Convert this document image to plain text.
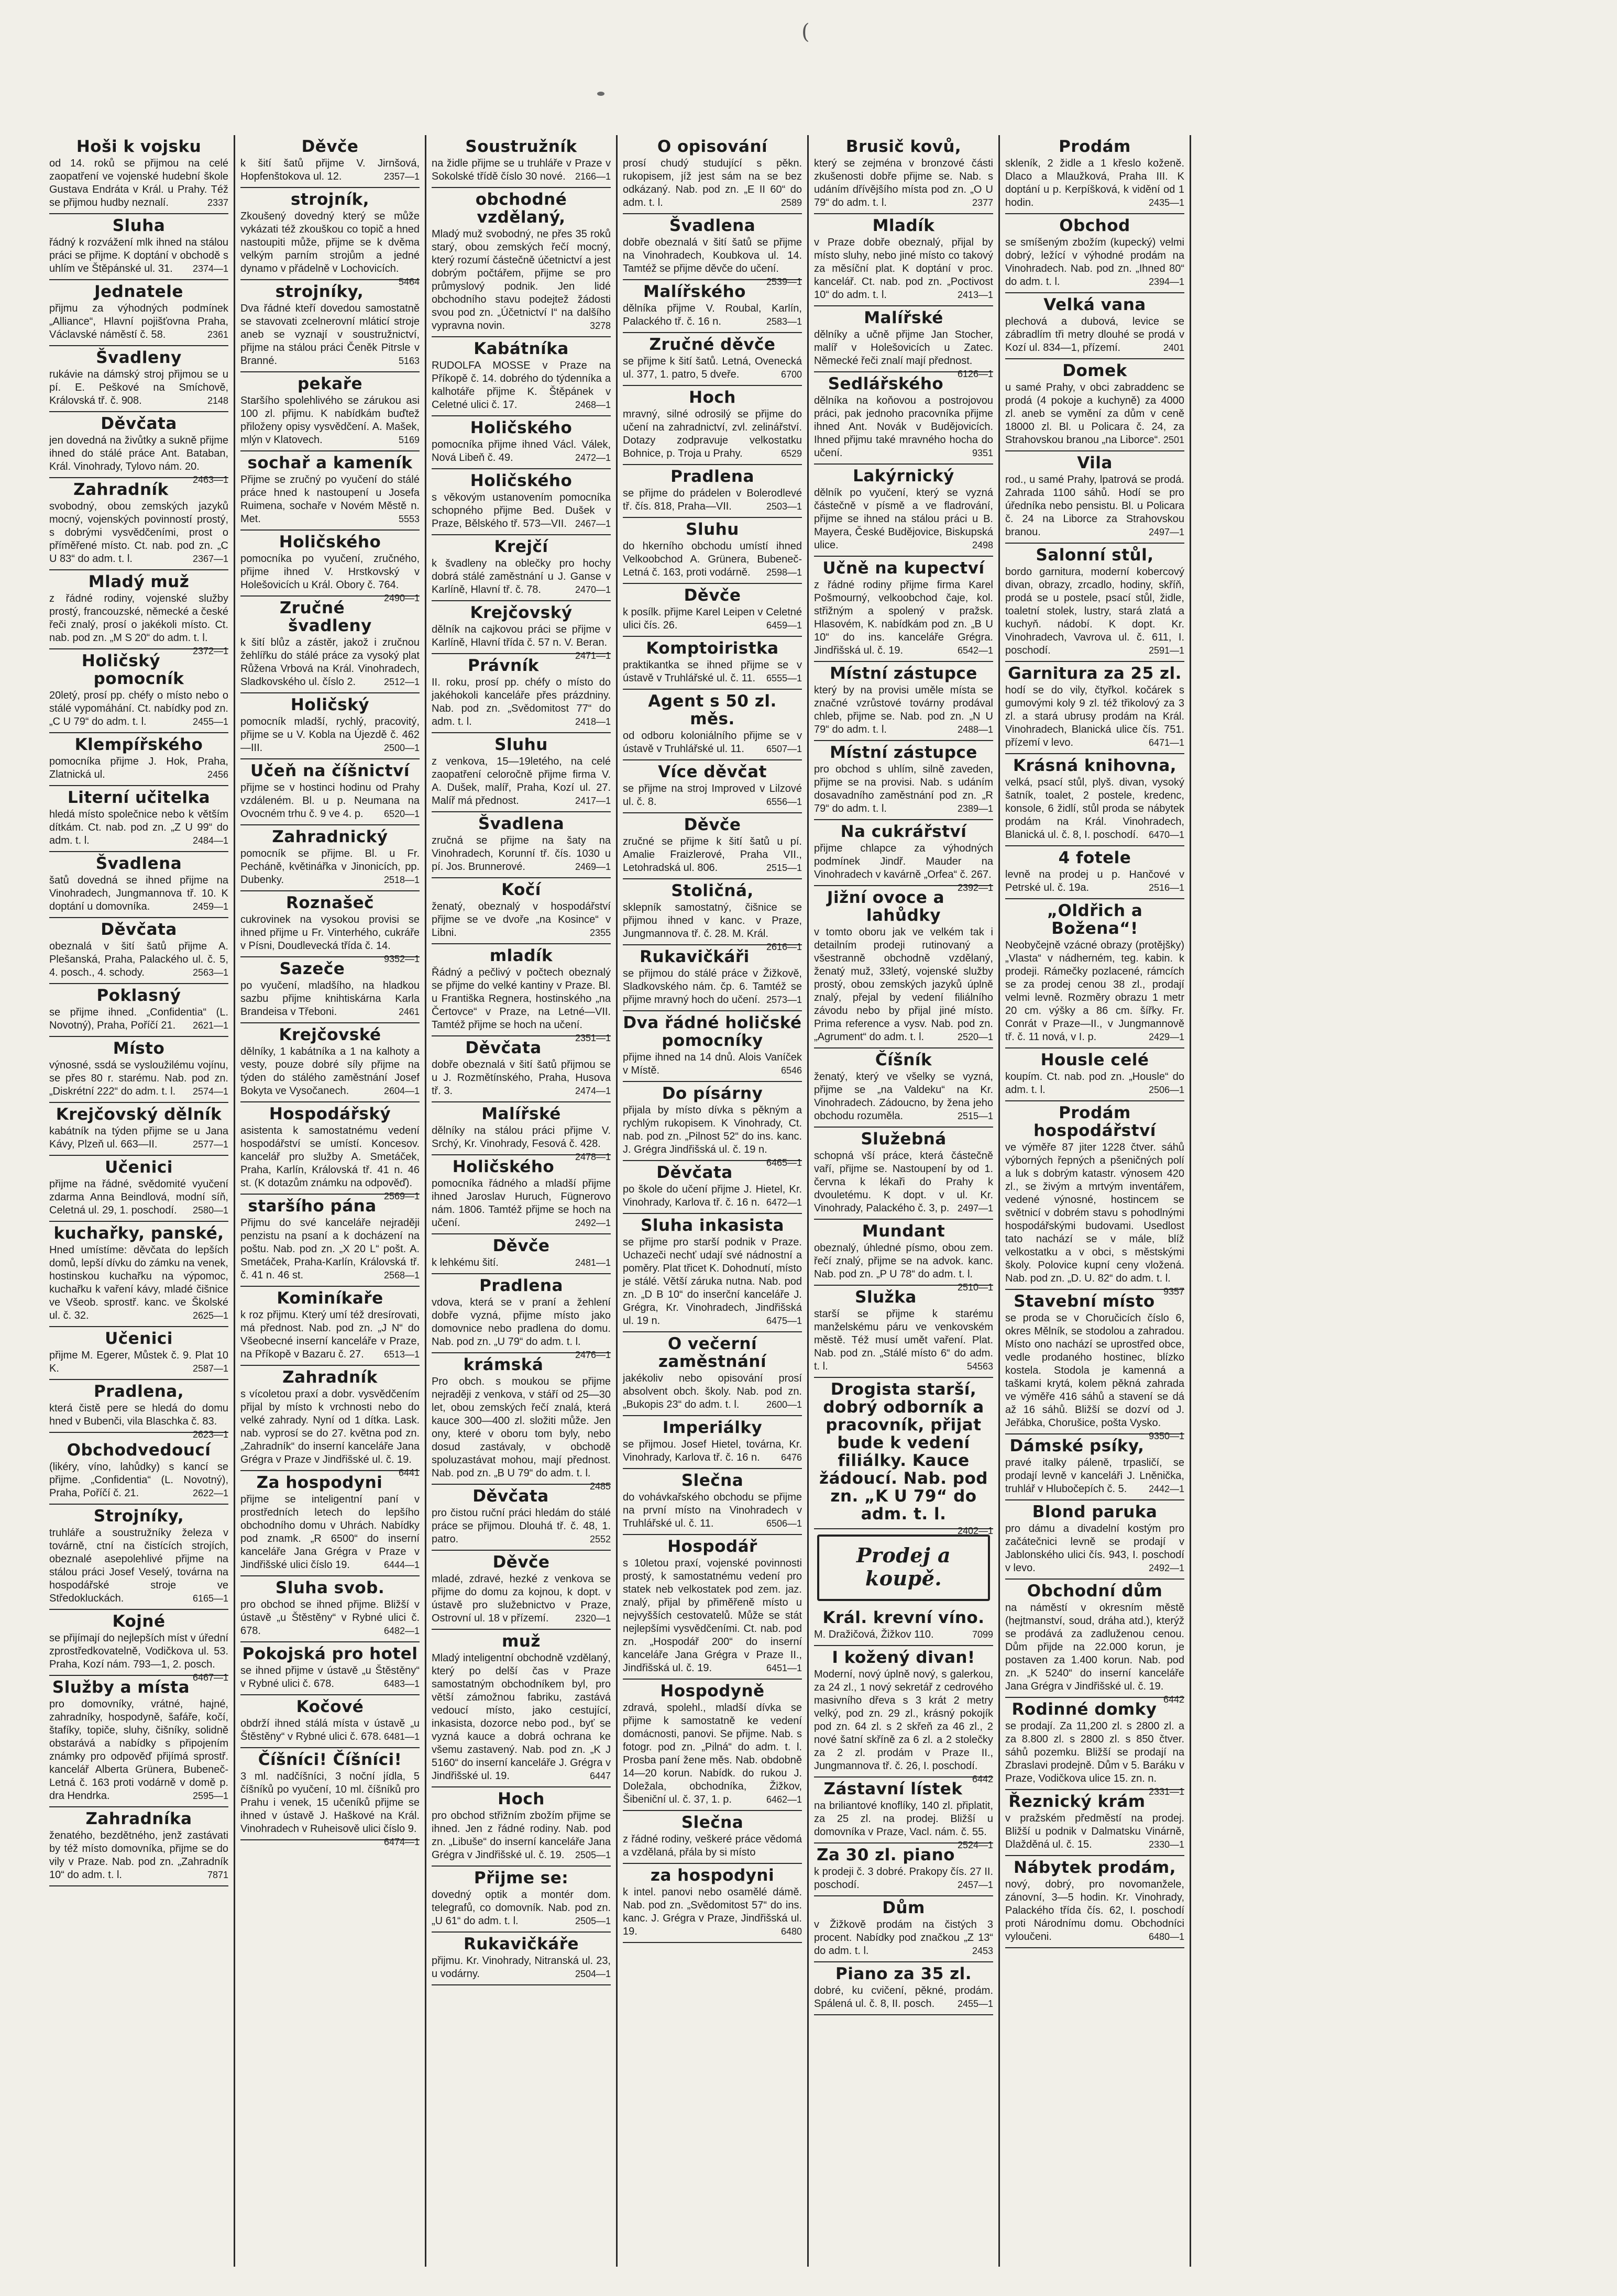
(
Hoši k vojsku

od 14. roků se přijmou na celé zaopatření ve vojenské hudební škole Gustava Endráta v Král. u Prahy. Též se přijmou hudby neznalí.	2337

Sluha

řádný k rozvážení mlk ihned na stálou práci se přijme. K doptání v obchodě s uhlím ve Štěpánské ul. 31. 2374—1

Jednatele

přijmu za výhodných podmínek „Alliance“, Hlavní pojišťovna Praha, Václavské náměstí č. 58.	2361

Švadleny

rukávie na dámský stroj přijmou se u pí. E. Peškové na Smíchově, Královská tř. č. 908.	2148

Děvčata

jen dovedná na živůtky a sukně přijme ihned do stálé práce Ant. Bataban, Král. Vinohrady, Tylovo nám. 20.
2463—1

Zahradník

svobodný, obou zemských jazyků mocný, vojenských povinností prostý, s dobrými vysvědčeními, prost o příměřené místo. Ct. nab. pod zn. „C U 83“ do adm. t. l.	2367—1

Mladý muž

z řádné rodiny, vojenské služby prostý, francouzské, německé a české řeči znalý, prosí o jakékoli místo. Ct. nab. pod zn. „M S 20“ do adm. t. l.
2372—1

Holičský pomocník

20letý, prosí pp. chéfy o místo nebo o stálé vypomáhání. Ct. nabídky pod zn. „C U 79“ do adm. t. l.	2455—1

Klempířského

pomocníka přijme J. Hok, Praha, Zlatnická ul.	2456

Literní učitelka

hledá místo společnice nebo k větším dítkám. Ct. nab. pod zn. „Z U 99“ do adm. t. l.	2484—1

Švadlena

šatů dovedná se ihned přijme na Vinohradech, Jungmannova tř. 10. K doptání u domovníka.	2459—1

Děvčata

obeznalá v šití šatů přijme A. Plešanská, Praha, Palackého ul. č. 5, 4. posch., 4. schody.	2563—1

Poklasný

se přijme ihned. „Confidentia“ (L. Novotný), Praha, Poříčí 21. 2621—1

Místo

výnosné, ssdá se vysloužilému vojínu, se přes 80 r. starému. Nab. pod zn. „Diskrétní 222“ do adm. t. l. 2574—1

Krejčovský dělník

kabátník na týden přijme se u Jana Kávy, Plzeň ul. 663—II.	2577—1

Učenici

přijme na řádné, svědomité vyučení zdarma Anna Beindlová, modní síň, Celetná ul. 29, 1. poschodí. 2580—1

kuchařky, panské,

Hned umístíme: děvčata do lepších domů, lepší dívku do zámku na venek, hostinskou kuchařku na výpomoc, kuchařku k vaření kávy, mladé čišnice ve Všeob. sprostř. kanc. ve Školské ul. č. 32.	2625—1

Učenici

přijme M. Egerer, Můstek č. 9. Plat 10 K.	2587—1

Pradlena,

která čistě pere se hledá do domu hned v Bubenči, vila Blaschka č. 83.
2623—1

Obchodvedoucí

(likéry, víno, lahůdky) s kancí se přijme. „Confidentia“ (L. Novotný), Praha, Poříčí č. 21.	2622—1

Strojníky,

truhláře a soustružníky železa v továrně, ctní na čistících strojích, obeznalé asepolehlivé přijme na stálou práci Josef Veselý, továrna na hospodářské stroje ve Středokluckách.	6165—1

Kojné

se přijímají do nejlepších míst v úřední zprostředkovatelně, Vodičkova ul. 53. Praha, Kozí nám. 793—1, 2. posch.
6467—1

Služby a místa

pro domovníky, vrátné, hajné, zahradníky, hospodyně, šafáře, kočí, štafíky, topiče, sluhy, čišníky, solidně obstarává a nabídky s připojením známky pro odpověď přijímá sprostř. kancelář Alberta Grünera, Bubeneč-Letná č. 163 proti vodárně v domě p. dra Hendrka.	2595—1

Zahradníka

ženatého, bezdětného, jenž zastávati by též místo domovníka, přijme se do vily v Praze. Nab. pod zn. „Zahradník 10“ do adm. t. l.	7871

Děvče

k šití šatů přijme V. Jirnšová, Hopfenštokova ul. 12.	2357—1

strojník,

Zkoušený dovedný který se může vykázati též zkouškou co topič a hned nastoupiti může, přijme se k dvěma velkým parním strojům a jedné dynamo v přádelně v Lochovicích.
5464

strojníky,

Dva řádné kteří dovedou samostatně se stavovati zcelnerovní mláticí stroje aneb se vyznají v soustružnictví, přijme na stálou práci Čeněk Pitrsle v Branné.	5163

pekaře

Staršího spolehlivého se zárukou asi 100 zl. přijmu. K nabídkám buďtež přiloženy opisy vysvědčení. A. Mašek, mlýn v Klatovech.	5169

sochař a kameník

Přijme se zručný po vyučení do stálé práce hned k nastoupení u Josefa Ruimena, sochaře v Novém Městě n. Met.	5553

Holičského

pomocníka po vyučení, zručného, přijme ihned V. Hrstkovský v Holešovicích u Král. Obory č. 764.
2490—1

Zručné švadleny

k šití blůz a zástěr, jakož i zručnou žehlířku do stálé práce za vysoký plat Růžena Vrbová na Král. Vinohradech, Sladkovského ul. číslo 2.	2512—1

Holičský

pomocník mladší, rychlý, pracovitý, přijme se u V. Kobla na Újezdě č. 462—III.	2500—1

Učeň na číšnictví

přijme se v hostinci hodinu od Prahy vzdáleném. Bl. u p. Neumana na Ovocném trhu č. 9 ve 4. p. 6520—1

Zahradnický

pomocník se přijme. Bl. u Fr. Pecháně, květinářka v Jinonicích, pp. Dubenky.	2518—1

Roznašeč

cukrovinek na vysokou provisi se ihned přijme u Fr. Vinterhého, cukráře v Písni, Doudlevecká třída č. 14.
9352—1

Sazeče

po vyučení, mladšího, na hladkou sazbu přijme knihtiskárna Karla Brandeisa v Třeboni.	2461

Krejčovské

dělníky, 1 kabátníka a 1 na kalhoty a vesty, pouze dobré síly přijme na týden do stálého zaměstnání Josef Bokyta ve Vysočanech.	2604—1

Hospodářský

asistenta k samostatnému vedení hospodářství se umístí. Koncesov. kancelář pro služby A. Smetáček, Praha, Karlín, Královská tř. 41 n. 46 st. (K dotazům známku na odpověď).
2569—1

staršího pána

Přijmu do své kanceláře nejraději penzistu na psaní a k docházení na poštu. Nab. pod zn. „X 20 L“ pošt. A. Smetáček, Praha-Karlín, Královská tř. č. 41 n. 46 st.	2568—1

Kominíkaře

k roz přijmu. Který umí též dresírovati, má přednost. Nab. pod zn. „J N“ do Všeobecné inserní kanceláře v Praze, na Příkopě v Bazaru č. 27. 6513—1

Zahradník

s vícoletou praxí a dobr. vysvědčením přijal by místo k vrchnosti nebo do velké zahrady. Nyní od 1 dítka. Lask. nab. vyprosí se do 27. května pod zn. „Zahradník“ do inserní kanceláře Jana Grégra v Praze v Jindřišské ul. č. 19.
6441

Za hospodyni

přijme se inteligentní paní v prostředních letech do lepšího obchodního domu v Uhrách. Nabídky pod znamk. „R 6500“ do inserní kanceláře Jana Grégra v Praze v Jindřišské ulici číslo 19.	6444—1

Sluha svob.

pro obchod se ihned přijme. Bližší v ústavě „u Štěstěny“ v Rybné ulici č. 678.	6482—1

Pokojská pro hotel

se ihned přijme v ústavě „u Štěstěny“ v Rybné ulici č. 678.	6483—1

Kočové

obdrží ihned stálá místa v ústavě „u Štěstěny“ v Rybné ulici č. 678. 6481—1

Číšníci! Číšníci!

3 ml. nadčíšníci, 3 noční jídla, 5 číšníků po vyučení, 10 ml. číšníků pro Prahu i venek, 15 učeníků přijme se ihned v ústavě J. Haškové na Král. Vinohradech v Ruheisově ulici číslo 9.
6474—1

Soustružník

na židle přijme se u truhláře v Praze v Sokolské třídě číslo 30 nové. 2166—1

obchodné vzdělaný,

Mladý muž svobodný, ne přes 35 roků starý, obou zemských řečí mocný, který rozumí částečně účetnictví a jest dobrým počtářem, přijme se pro průmyslový podnik. Jen lidé obchodního stavu podejtež žádosti svou pod zn. „Účetnictví I“ na dalšího vypravna novin.	3278

Kabátníka

RUDOLFA MOSSE v Praze na Příkopě č. 14. dobrého do týdenníka a kalhotáře přijme K. Štěpánek v Celetné ulici č. 17.	2468—1

Holičského

pomocníka přijme ihned Václ. Válek, Nová Libeň č. 49.	2472—1

Holičského

s věkovým ustanovením pomocníka schopného přijme Bed. Dušek v Praze, Bělského tř. 573—VII. 2467—1

Krejčí

k švadleny na oblečky pro hochy dobrá stálé zaměstnání u J. Ganse v Karlíně, Hlavní tř. č. 78.	2470—1

Krejčovský

dělník na cajkovou práci se přijme v Karlíně, Hlavní třída č. 57 n. V. Beran.
2471—1

Právník

II. roku, prosí pp. chéfy o místo do jakéhokoli kanceláře přes prázdniny. Nab. pod zn. „Svědomitost 77“ do adm. t. l.	2418—1

Sluhu

z venkova, 15—19letého, na celé zaopatření celoročně přijme firma V. A. Dušek, malíř, Praha, Kozí ul. 27. Malíř má přednost.	2417—1

Švadlena

zručná se přijme na šaty na Vinohradech, Korunní tř. čís. 1030 u pí. Jos. Brunnerové.	2469—1

Kočí

ženatý, obeznalý v hospodářství přijme se ve dvoře „na Kosince“ v Libni.	2355

mladík

Řádný a pečlivý v počtech obeznalý se přijme do velké kantiny v Praze. Bl. u Františka Regnera, hostinského „na Čertovce“ v Praze, na Letné—VII. Tamtéž přijme se hoch na učení.
2351—1

Děvčata

dobře obeznalá v šití šatů přijmou se u J. Rozmětínského, Praha, Husova tř. 3.	2474—1

Malířské

dělníky na stálou práci přijme V. Srchý, Kr. Vinohrady, Fesová č. 428.
2478—1

Holičského

pomocníka řádného a mladší přijme ihned Jaroslav Huruch, Fügnerovo nám. 1806. Tamtéž přijme se hoch na učení.	2492—1

Děvče

k lehkému šití.	2481—1

Pradlena

vdova, která se v praní a žehlení dobře vyzná, přijme místo jako domovnice nebo pradlena do domu. Nab. pod zn. „U 79“ do adm. t. l.
2476—1

krámská

Pro obch. s moukou se přijme nejraději z venkova, v stáří od 25—30 let, obou zemských řečí znalá, která kauce 300—400 zl. složiti může. Jen ony, které v oboru tom byly, nebo dosud zastávaly, v obchodě spoluzastávat mohou, mají přednost. Nab. pod zn. „B U 79“ do adm. t. l.
2485

Děvčata

pro čistou ruční práci hledám do stálé práce se přijmou. Dlouhá tř. č. 48, 1. patro.	2552

Děvče

mladé, zdravé, hezké z venkova se přijme do domu za kojnou, k dopt. v ústavě pro služebnictvo v Praze, Ostrovní ul. 18 v přízemí.	2320—1

muž

Mladý inteligentní obchodně vzdělaný, který po delší čas v Praze samostatným obchodníkem byl, pro větší zámožnou fabriku, zastává vedoucí místo, jako cestující, inkasista, dozorce nebo pod., byť se vyzná kauce a dobrá ochrana ke všemu zastavený. Nab. pod zn. „K J 5160“ do inserní kanceláře J. Grégra v Jindřišské ul. 19.	6447

Hoch

pro obchod střižním zbožím přijme se ihned. Jen z řádné rodiny. Nab. pod zn. „Libuše“ do inserní kanceláře Jana Grégra v Jindřišské ul. č. 19. 2505—1

Přijme se:

dovedný optik a montér dom. telegrafů, co domovník. Nab. pod zn. „U 61“ do adm. t. l.	2505—1

Rukavičkáře

přijmu. Kr. Vinohrady, Nitranská ul. 23, u vodárny.	2504—1

O opisování

prosí chudý studující s pěkn. rukopisem, jíž jest sám na se bez odkázaný. Nab. pod zn. „E II 60“ do adm. t. l.	2589

Švadlena

dobře obeznalá v šití šatů se přijme na Vinohradech, Koubkova ul. 14. Tamtéž se přijme děvče do učení.
2539—1

Malířského

dělníka přijme V. Roubal, Karlín, Palackého tř. č. 16 n.	2583—1

Zručné děvče

se přijme k šití šatů. Letná, Ovenecká ul. 377, 1. patro, 5 dveře.	6700

Hoch

mravný, silné odrosilý se přijme do učení na zahradnictví, zvl. zelinářství. Dotazy zodpravuje velkostatku Bohnice, p. Troja u Prahy.	6529

Pradlena

se přijme do prádelen v Bolerodlevé tř. čís. 818, Praha—VII.	2503—1

Sluhu

do hkerního obchodu umístí ihned Velkoobchod A. Grünera, Bubeneč-Letná č. 163, proti vodárně. 2598—1

Děvče

k posílk. přijme Karel Leipen v Celetné ulici čís. 26.	6459—1

Komptoiristka

praktikantka se ihned přijme se v ústavě v Truhlářské ul. č. 11. 6555—1

Agent s 50 zl. měs.

od odboru koloniálního přijme se v ústavě v Truhlářské ul. 11. 6507—1

Více děvčat

se přijme na stroj Improved v Lilzové ul. č. 8.	6556—1

Děvče

zručné se přijme k šití šatů u pí. Amalie Fraizlerové, Praha VII., Letohradská ul. 806.	2515—1

Stoličná,

sklepník samostatný, čišnice se přijmou ihned v kanc. v Praze, Jungmannova tř. č. 28. M. Král.
2616—1

Rukavičkáři

se přijmou do stálé práce v Žižkově, Sladkovského nám. čp. 6. Tamtéž se přijme mravný hoch do učení. 2573—1

Dva řádné holičské pomocníky

přijme ihned na 14 dnů. Alois Vaníček v Místě.	6546

Do písárny

přijala by místo dívka s pěkným a rychlým rukopisem. K Vinohrady, Ct. nab. pod zn. „Pilnost 52“ do ins. kanc. J. Grégra Jindřišská ul. č. 19 n.
6465—1

Děvčata

po škole do učení přijme J. Hietel, Kr. Vinohrady, Karlova tř. č. 16 n. 6472—1

Sluha inkasista

se přijme pro starší podnik v Praze. Uchazeči nechť udají své nádnostní a poměry. Plat třicet K. Dohodnutí, místo je stálé. Větší záruka nutna. Nab. pod zn. „D B 10“ do inserční kanceláře J. Grégra, Kr. Vinohradech, Jindřišská ul. 19 n.	6475—1

O večerní zaměstnání

jakékoliv nebo opisování prosí absolvent obch. školy. Nab. pod zn. „Bukopis 23“ do adm. t. l.	2600—1

Imperiálky

se přijmou. Josef Hietel, továrna, Kr. Vinohrady, Karlova tř. č. 16 n. 6476

Slečna

do vohávkařského obchodu se přijme na první místo na Vinohradech v Truhlářské ul. č. 11.	6506—1

Hospodář

s 10letou praxí, vojenské povinnosti prostý, k samostatnému vedení pro statek neb velkostatek pod zem. jaz. znalý, přijal by přiměřeně místo u nejvyšších cestovatelů. Může se stát nejlepšími vysvědčeními. Ct. nab. pod zn. „Hospodář 200“ do inserní kanceláře Jana Grégra v Praze II., Jindřišská ul. č. 19.	6451—1

Hospodyně

zdravá, spolehl., mladší dívka se přijme k samostatně ke vedení domácnosti, panovi. Se přijme. Nab. s fotogr. pod zn. „Pilná“ do adm. t. l. Prosba paní žene měs. Nab. obdobně 14—20 korun. Nabídk. do rukou J. Doležala, obchodníka, Žižkov, Šibeniční ul. č. 37, 1. p.	6462—1

Slečna

z řádné rodiny, veškeré práce vědomá a vzdělaná, přála by si místo

za hospodyni

k intel. panovi nebo osamělé dámě. Nab. pod zn. „Svědomitost 57“ do ins. kanc. J. Grégra v Praze, Jindřišská ul. 19.	6480

Brusič kovů,

který se zejména v bronzové části zkušenosti dobře přijme se. Nab. s udáním dřívějšího místa pod zn. „O U 79“ do adm. t. l.	2377

Mladík

v Praze dobře obeznalý, přijal by místo sluhy, nebo jiné místo co takový za měsíční plat. K doptání v proc. kancelář. Ct. nab. pod zn. „Poctivost 10“ do adm. t. l.	2413—1

Malířské

dělníky a učně přijme Jan Stocher, malíř v Holešovicích u Zatec. Německé řeči znalí mají přednost.
6126—1

Sedlářského

dělníka na koňovou a postrojovou práci, pak jednoho pracovníka přijme ihned Ant. Novák v Budějovicích. Ihned přijmu také mravného hocha do učení.	9351

Lakýrnický

dělník po vyučení, který se vyzná částečně v písmě a ve fladrování, přijme se ihned na stálou práci u B. Mayera, České Budějovice, Biskupská ulice.	2498

Učně na kupectví

z řádné rodiny přijme firma Karel Pošmourný, velkoobchod čaje, kol. střižným a spolený v pražsk. Hlasovém, K. nabídkám pod zn. „B U 10“ do ins. kanceláře Grégra. Jindřišská ul. č. 19.	6542—1

Místní zástupce

který by na provisi uměle místa se značné vzrůstové továrny prodával chleb, přijme se. Nab. pod zn. „N U 79“ do adm. t. l.	2488—1

Místní zástupce

pro obchod s uhlím, silně zaveden, přijme se na provisi. Nab. s udáním dosavadního zaměstnání pod zn. „R 79“ do adm. t. l.	2389—1

Na cukrářství

přijme chlapce za výhodných podmínek Jindř. Mauder na Vinohradech v kavárně „Orfea“ č. 267.
2392—1

Jižní ovoce a lahůdky

v tomto oboru jak ve velkém tak i detailním prodeji rutinovaný a všestranně obchodně vzdělaný, ženatý muž, 33letý, vojenské služby prostý, obou zemských jazyků úplně znalý, přejal by vedení filiálního závodu nebo by přijal jiné místo. Prima reference a vysv. Nab. pod zn. „Agrument“ do adm. t. l.	2520—1

Číšník

ženatý, který ve všelky se vyzná, přijme se „na Valdeku“ na Kr. Vinohradech. Zádoucno, by žena jeho obchodu rozuměla.	2515—1

Služebná

schopná vší práce, která částečně vaří, přijme se. Nastoupení by od 1. června k lékaři do Prahy k dvouletému. K dopt. v ul. Kr. Vinohrady, Palackého č. 3, p. 2497—1

Mundant

obeznalý, úhledné písmo, obou zem. řečí znalý, přijme se na advok. kanc. Nab. pod zn. „P U 78“ do adm. t. l.
2510—1

Služka

starší se přijme k starému manželskému páru ve venkovském městě. Též musí umět vaření. Plat. Nab. pod zn. „Stálé místo 6“ do adm. t. l.	54563

Drogista starší, dobrý odborník a pracovník, přijat bude k vedení filiálky. Kauce žádoucí. Nab. pod zn. „K U 79“ do adm. t. l.

2402—1

Prodej a koupě.
Král. krevní víno.

M. Dražičová, Žižkov 110.	7099

I kožený divan!

Moderní, nový úplně nový, s galerkou, za 24 zl., 1 nový sekretář z cedrového masivního dřeva s 3 krát 2 metry velký, pod zn. 29 zl., krásný pokojík pod zn. 64 zl. s 2 skřeň za 46 zl., 2 nové šatní skříně za 6 zl. a 2 stolečky za 2 zl. prodám v Praze II., Jungmannova tř. č. 26, I. poschodí.
6442

Zástavní lístek

na briliantové knoflíky, 140 zl. připlatit, za 25 zl. na prodej. Bližší u domovníka v Praze, Vacl. nám. č. 55.
2524—1

Za 30 zl. piano

k prodeji č. 3 dobré. Prakopy čís. 27 II. poschodí.	2457—1

Dům

v Žižkově prodám na čistých 3 procent. Nabídky pod značkou „Z 13“ do adm. t. l.	2453

Piano za 35 zl.

dobré, ku cvičení, pěkné, prodám. Spálená ul. č. 8, II. posch. 2455—1

Prodám

skleník, 2 židle a 1 křeslo koženě. Dlaco a Mlaužková, Praha III. K doptání u p. Kerpíšková, k vidění od 1 hodin.	2435—1

Obchod

se smíšeným zbožím (kupecký) velmi dobrý, ležící v výhodné prodám na Vinohradech. Nab. pod zn. „Ihned 80“ do adm. t. l.	2394—1

Velká vana

plechová a dubová, levice se zábradlím tři metry dlouhé se prodá v Kozí ul. 834—1, přízemí.	2401

Domek

u samé Prahy, v obci zabraddenc se prodá (4 pokoje a kuchyně) za 4000 zl. aneb se vymění za dům v ceně 18000 zl. Bl. u Policara č. 24, za Strahovskou branou „na Liborce“. 2501

Vila

rod., u samé Prahy, lpatrová se prodá. Zahrada 1100 sáhů. Hodí se pro úředníka nebo pensistu. Bl. u Policara č. 24 na Liborce za Strahovskou branou.	2497—1

Salonní stůl,

bordo garnitura, moderní kobercový divan, obrazy, zrcadlo, hodiny, skříň, prodá se u postele, psací stůl, židle, toaletní stolek, lustry, stará zlatá a kuchyň. nádobí. K dopt. Kr. Vinohradech, Vavrova ul. č. 611, I. poschodí.	2591—1

Garnitura za 25 zl.

hodí se do vily, čtyřkol. kočárek s gumovými koly 9 zl. též třikolový za 3 zl. a stará ubrusy prodám na Král. Vinohradech, Blanická ulice čís. 751. přízemí v levo.	6471—1

Krásná knihovna,

velká, psací stůl, plyš. divan, vysoký šatník, toalet, 2 postele, kredenc, konsole, 6 židlí, stůl proda se nábytek prodám na Král. Vinohradech, Blanická ul. č. 8, I. poschodí. 6470—1

4 fotele

levně na prodej u p. Hančové v Petrské ul. č. 19a.	2516—1

„Oldřich a Božena“!

Neobyčejně vzácné obrazy (protějšky) „Vlasta“ v nádherném, teg. kabin. k prodeji. Rámečky pozlacené, rámcích se za prodej cenou 38 zl., prodají velmi levně. Rozměry obrazu 1 metr 20 cm. výšky a 86 cm. šířky. Fr. Conrát v Praze—II., v Jungmannově tř. č. 11 nová, v I. p.	2429—1

Housle celé

koupím. Ct. nab. pod zn. „Housle“ do adm. t. l.	2506—1

Prodám hospodářství

ve výměře 87 jiter 1228 čtver. sáhů výborných řepných a pšeničných polí a luk s dobrým katastr. výnosem 420 zl., se živým a mrtvým inventářem, vedené výnosné, hostincem se světnicí v dobrém stavu s pohodlnými hospodářskými budovami. Usedlost tato nachází se v mále, blíž velkostatku a v obci, s městskými školy. Polovice kupní ceny vložená. Nab. pod zn. „D. U. 82“ do adm. t. l.
9357

Stavební místo

se proda se v Choručicích číslo 6, okres Mělník, se stodolou a zahradou. Místo ono nachází se uprostřed obce, vedle prodaného hostinec, blízko kostela. Stodola je kamenná a taškami krytá, kolem pěkná zahrada ve výměře 416 sáhů a stavení se dá až 16 sáhů. Bližší se dozví od J. Jeřábka, Chorušice, pošta Vysko.
9350—1

Dámské psíky,

pravé italky páleně, trpasličí, se prodají levně v kanceláři J. Lněnička, truhlář v Hlubočepích č. 5. 2442—1

Blond paruka

pro dámu a divadelní kostým pro začátečnici levně se prodají v Jablonského ulici čís. 943, I. poschodí v levo.	2492—1

Obchodní dům

na náměstí v okresním městě (hejtmanství, soud, dráha atd.), kterýž se prodává za zadluženou cenou. Dům přijde na 22.000 korun, je postaven za 1.400 korun. Nab. pod zn. „K 5240“ do inserní kanceláře Jana Grégra v Jindřišské ul. č. 19.
6442

Rodinné domky

se prodají. Za 11,200 zl. s 2800 zl. a za 8.800 zl. s 2800 zl. s 850 čtver. sáhů pozemku. Bližší se prodají na Zbraslavi prodejně. Dům v 5. Baráku v Praze, Vodičkova ulice 15. zn. n.
2331—1

Řeznický krám

v pražském předměstí na prodej. Bližší u podnik v Dalmatsku Vinárně, Dlažděná ul. č. 15.	2330—1

Nábytek prodám,

nový, dobrý, pro novomanžele, zánovní, 3—5 hodin. Kr. Vinohrady, Palackého třída čís. 62, I. poschodí proti Národnímu domu. Obchodníci vyloučeni.	6480—1
